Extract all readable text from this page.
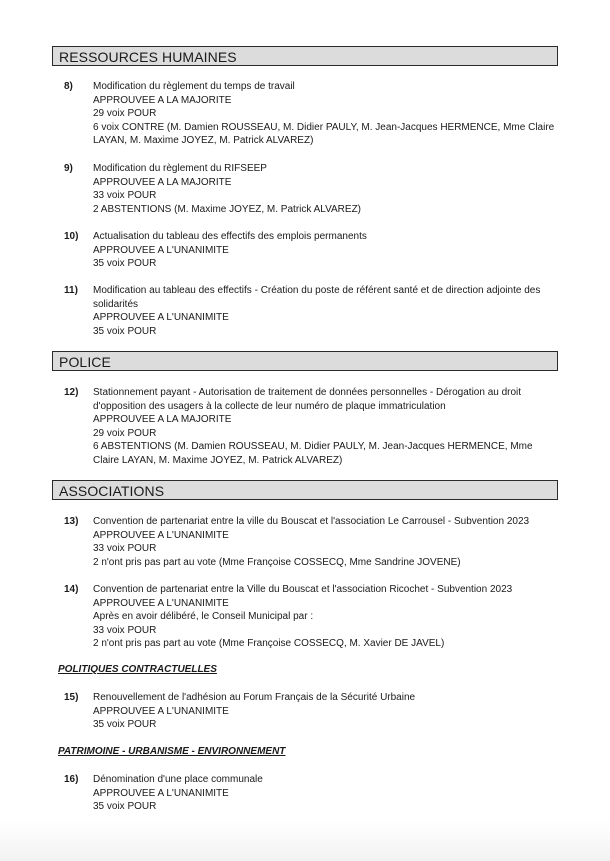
RESSOURCES HUMAINES
8) Modification du règlement du temps de travail
APPROUVEE A LA MAJORITE
29 voix POUR
6 voix CONTRE (M. Damien ROUSSEAU, M. Didier PAULY, M. Jean-Jacques HERMENCE, Mme Claire LAYAN, M. Maxime JOYEZ, M. Patrick ALVAREZ)
9) Modification du règlement du RIFSEEP
APPROUVEE A LA MAJORITE
33 voix POUR
2 ABSTENTIONS (M. Maxime JOYEZ, M. Patrick ALVAREZ)
10) Actualisation du tableau des effectifs des emplois permanents
APPROUVEE A L'UNANIMITE
35 voix POUR
11) Modification au tableau des effectifs - Création du poste de référent santé et de direction adjointe des solidarités
APPROUVEE A L'UNANIMITE
35 voix POUR
POLICE
12) Stationnement payant - Autorisation de traitement de données personnelles - Dérogation au droit d'opposition des usagers à la collecte de leur numéro de plaque immatriculation
APPROUVEE A LA MAJORITE
29 voix POUR
6 ABSTENTIONS (M. Damien ROUSSEAU, M. Didier PAULY, M. Jean-Jacques HERMENCE, Mme Claire LAYAN, M. Maxime JOYEZ, M. Patrick ALVAREZ)
ASSOCIATIONS
13) Convention de partenariat entre la ville du Bouscat et l'association Le Carrousel - Subvention 2023
APPROUVEE A L'UNANIMITE
33 voix POUR
2 n'ont pris pas part au vote (Mme Françoise COSSECQ, Mme Sandrine JOVENE)
14) Convention de partenariat entre la Ville du Bouscat et l'association Ricochet - Subvention 2023
APPROUVEE A L'UNANIMITE
Après en avoir délibéré, le Conseil Municipal par :
33 voix POUR
2 n'ont pris pas part au vote (Mme Françoise COSSECQ, M. Xavier DE JAVEL)
POLITIQUES CONTRACTUELLES
15) Renouvellement de l'adhésion au Forum Français de la Sécurité Urbaine
APPROUVEE A L'UNANIMITE
35 voix POUR
PATRIMOINE - URBANISME - ENVIRONNEMENT
16) Dénomination d'une place communale
APPROUVEE A L'UNANIMITE
35 voix POUR
